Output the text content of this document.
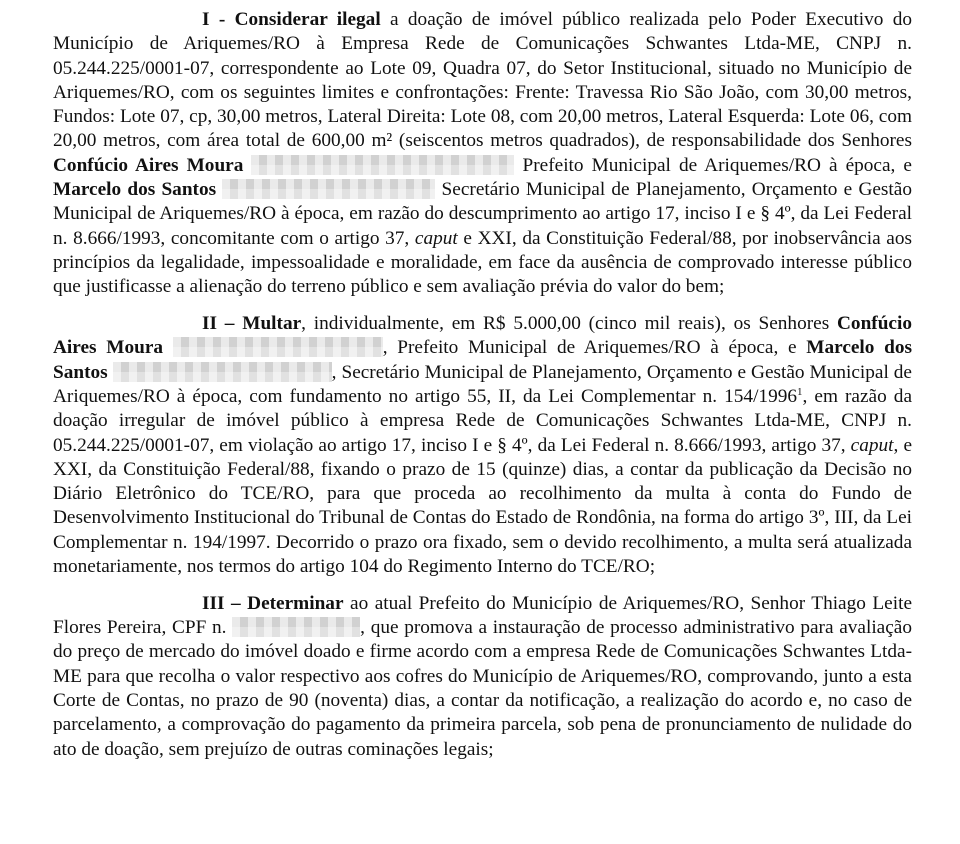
I - Considerar ilegal a doação de imóvel público realizada pelo Poder Executivo do Município de Ariquemes/RO à Empresa Rede de Comunicações Schwantes Ltda-ME, CNPJ n. 05.244.225/0001-07, correspondente ao Lote 09, Quadra 07, do Setor Institucional, situado no Município de Ariquemes/RO, com os seguintes limites e confrontações: Frente: Travessa Rio São João, com 30,00 metros, Fundos: Lote 07, cp, 30,00 metros, Lateral Direita: Lote 08, com 20,00 metros, Lateral Esquerda: Lote 06, com 20,00 metros, com área total de 600,00 m² (seiscentos metros quadrados), de responsabilidade dos Senhores Confúcio Aires Moura	Prefeito Municipal de Ariquemes/RO à época, e Marcelo dos Santos	Secretário Municipal de Planejamento, Orçamento e Gestão Municipal de Ariquemes/RO à época, em razão do descumprimento ao artigo 17, inciso I e § 4º, da Lei Federal n. 8.666/1993, concomitante com o artigo 37, caput e XXI, da Constituição Federal/88, por inobservância aos princípios da legalidade, impessoalidade e moralidade, em face da ausência de comprovado interesse público que justificasse a alienação do terreno público e sem avaliação prévia do valor do bem;

II – Multar, individualmente, em R$ 5.000,00 (cinco mil reais), os Senhores Confúcio Aires Moura	, Prefeito Municipal de Ariquemes/RO à época, e Marcelo dos Santos	, Secretário Municipal de Planejamento, Orçamento e Gestão Municipal de Ariquemes/RO à época, com fundamento no artigo 55, II, da Lei Complementar n. 154/1996$^1$, em razão da doação irregular de imóvel público à empresa Rede de Comunicações Schwantes Ltda-ME, CNPJ n. 05.244.225/0001-07, em violação ao artigo 17, inciso I e § 4º, da Lei Federal n. 8.666/1993, artigo 37, caput, e XXI, da Constituição Federal/88, fixando o prazo de 15 (quinze) dias, a contar da publicação da Decisão no Diário Eletrônico do TCE/RO, para que proceda ao recolhimento da multa à conta do Fundo de Desenvolvimento Institucional do Tribunal de Contas do Estado de Rondônia, na forma do artigo 3º, III, da Lei Complementar n. 194/1997. Decorrido o prazo ora fixado, sem o devido recolhimento, a multa será atualizada monetariamente, nos termos do artigo 104 do Regimento Interno do TCE/RO;

III – Determinar ao atual Prefeito do Município de Ariquemes/RO, Senhor Thiago Leite Flores Pereira, CPF n.	, que promova a instauração de processo administrativo para avaliação do preço de mercado do imóvel doado e firme acordo com a empresa Rede de Comunicações Schwantes Ltda-ME para que recolha o valor respectivo aos cofres do Município de Ariquemes/RO, comprovando, junto a esta Corte de Contas, no prazo de 90 (noventa) dias, a contar da notificação, a realização do acordo e, no caso de parcelamento, a comprovação do pagamento da primeira parcela, sob pena de pronunciamento de nulidade do ato de doação, sem prejuízo de outras cominações legais;
